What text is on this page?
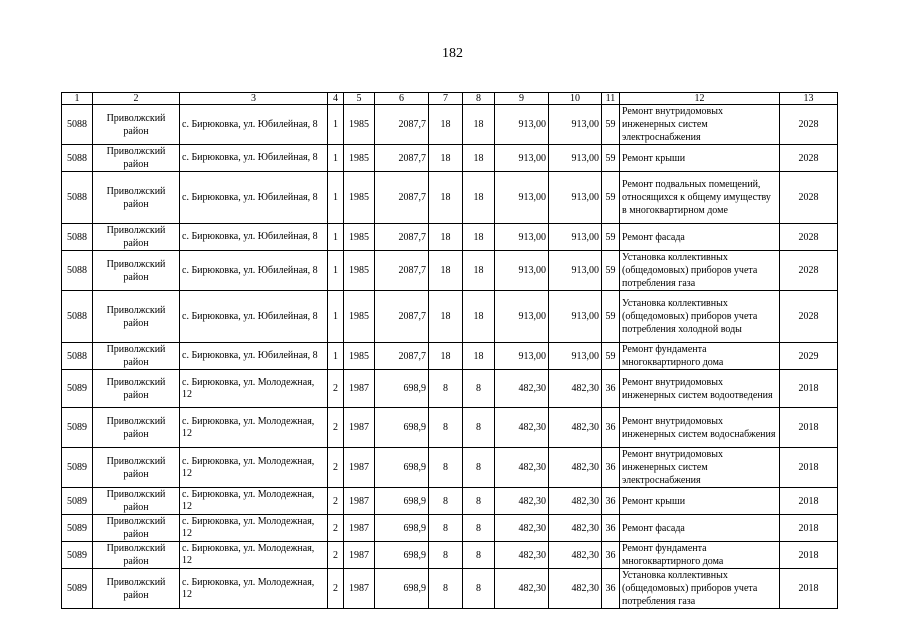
182
1	2	3	4	5	6	7	8	9	10	11	12	13
5088	Приволжский район	с. Бирюковка, ул. Юбилейная, 8	1	1985	2087,7	18	18	913,00	913,00	59	Ремонт внутридомовых инженерных систем электроснабжения	2028
5088	Приволжский район	с. Бирюковка, ул. Юбилейная, 8	1	1985	2087,7	18	18	913,00	913,00	59	Ремонт крыши	2028
5088	Приволжский район	с. Бирюковка, ул. Юбилейная, 8	1	1985	2087,7	18	18	913,00	913,00	59	Ремонт подвальных помещений, относящихся к общему имуществу в многоквартирном доме	2028
5088	Приволжский район	с. Бирюковка, ул. Юбилейная, 8	1	1985	2087,7	18	18	913,00	913,00	59	Ремонт фасада	2028
5088	Приволжский район	с. Бирюковка, ул. Юбилейная, 8	1	1985	2087,7	18	18	913,00	913,00	59	Установка коллективных (общедомовых) приборов учета потребления газа	2028
5088	Приволжский район	с. Бирюковка, ул. Юбилейная, 8	1	1985	2087,7	18	18	913,00	913,00	59	Установка коллективных (общедомовых) приборов учета потребления холодной воды	2028
5088	Приволжский район	с. Бирюковка, ул. Юбилейная, 8	1	1985	2087,7	18	18	913,00	913,00	59	Ремонт фундамента многоквартирного дома	2029
5089	Приволжский район	с. Бирюковка, ул. Молодежная, 12	2	1987	698,9	8	8	482,30	482,30	36	Ремонт внутридомовых инженерных систем водоотведения	2018
5089	Приволжский район	с. Бирюковка, ул. Молодежная, 12	2	1987	698,9	8	8	482,30	482,30	36	Ремонт внутридомовых инженерных систем водоснабжения	2018
5089	Приволжский район	с. Бирюковка, ул. Молодежная, 12	2	1987	698,9	8	8	482,30	482,30	36	Ремонт внутридомовых инженерных систем электроснабжения	2018
5089	Приволжский район	с. Бирюковка, ул. Молодежная, 12	2	1987	698,9	8	8	482,30	482,30	36	Ремонт крыши	2018
5089	Приволжский район	с. Бирюковка, ул. Молодежная, 12	2	1987	698,9	8	8	482,30	482,30	36	Ремонт фасада	2018
5089	Приволжский район	с. Бирюковка, ул. Молодежная, 12	2	1987	698,9	8	8	482,30	482,30	36	Ремонт фундамента многоквартирного дома	2018
5089	Приволжский район	с. Бирюковка, ул. Молодежная, 12	2	1987	698,9	8	8	482,30	482,30	36	Установка коллективных (общедомовых) приборов учета потребления газа	2018
